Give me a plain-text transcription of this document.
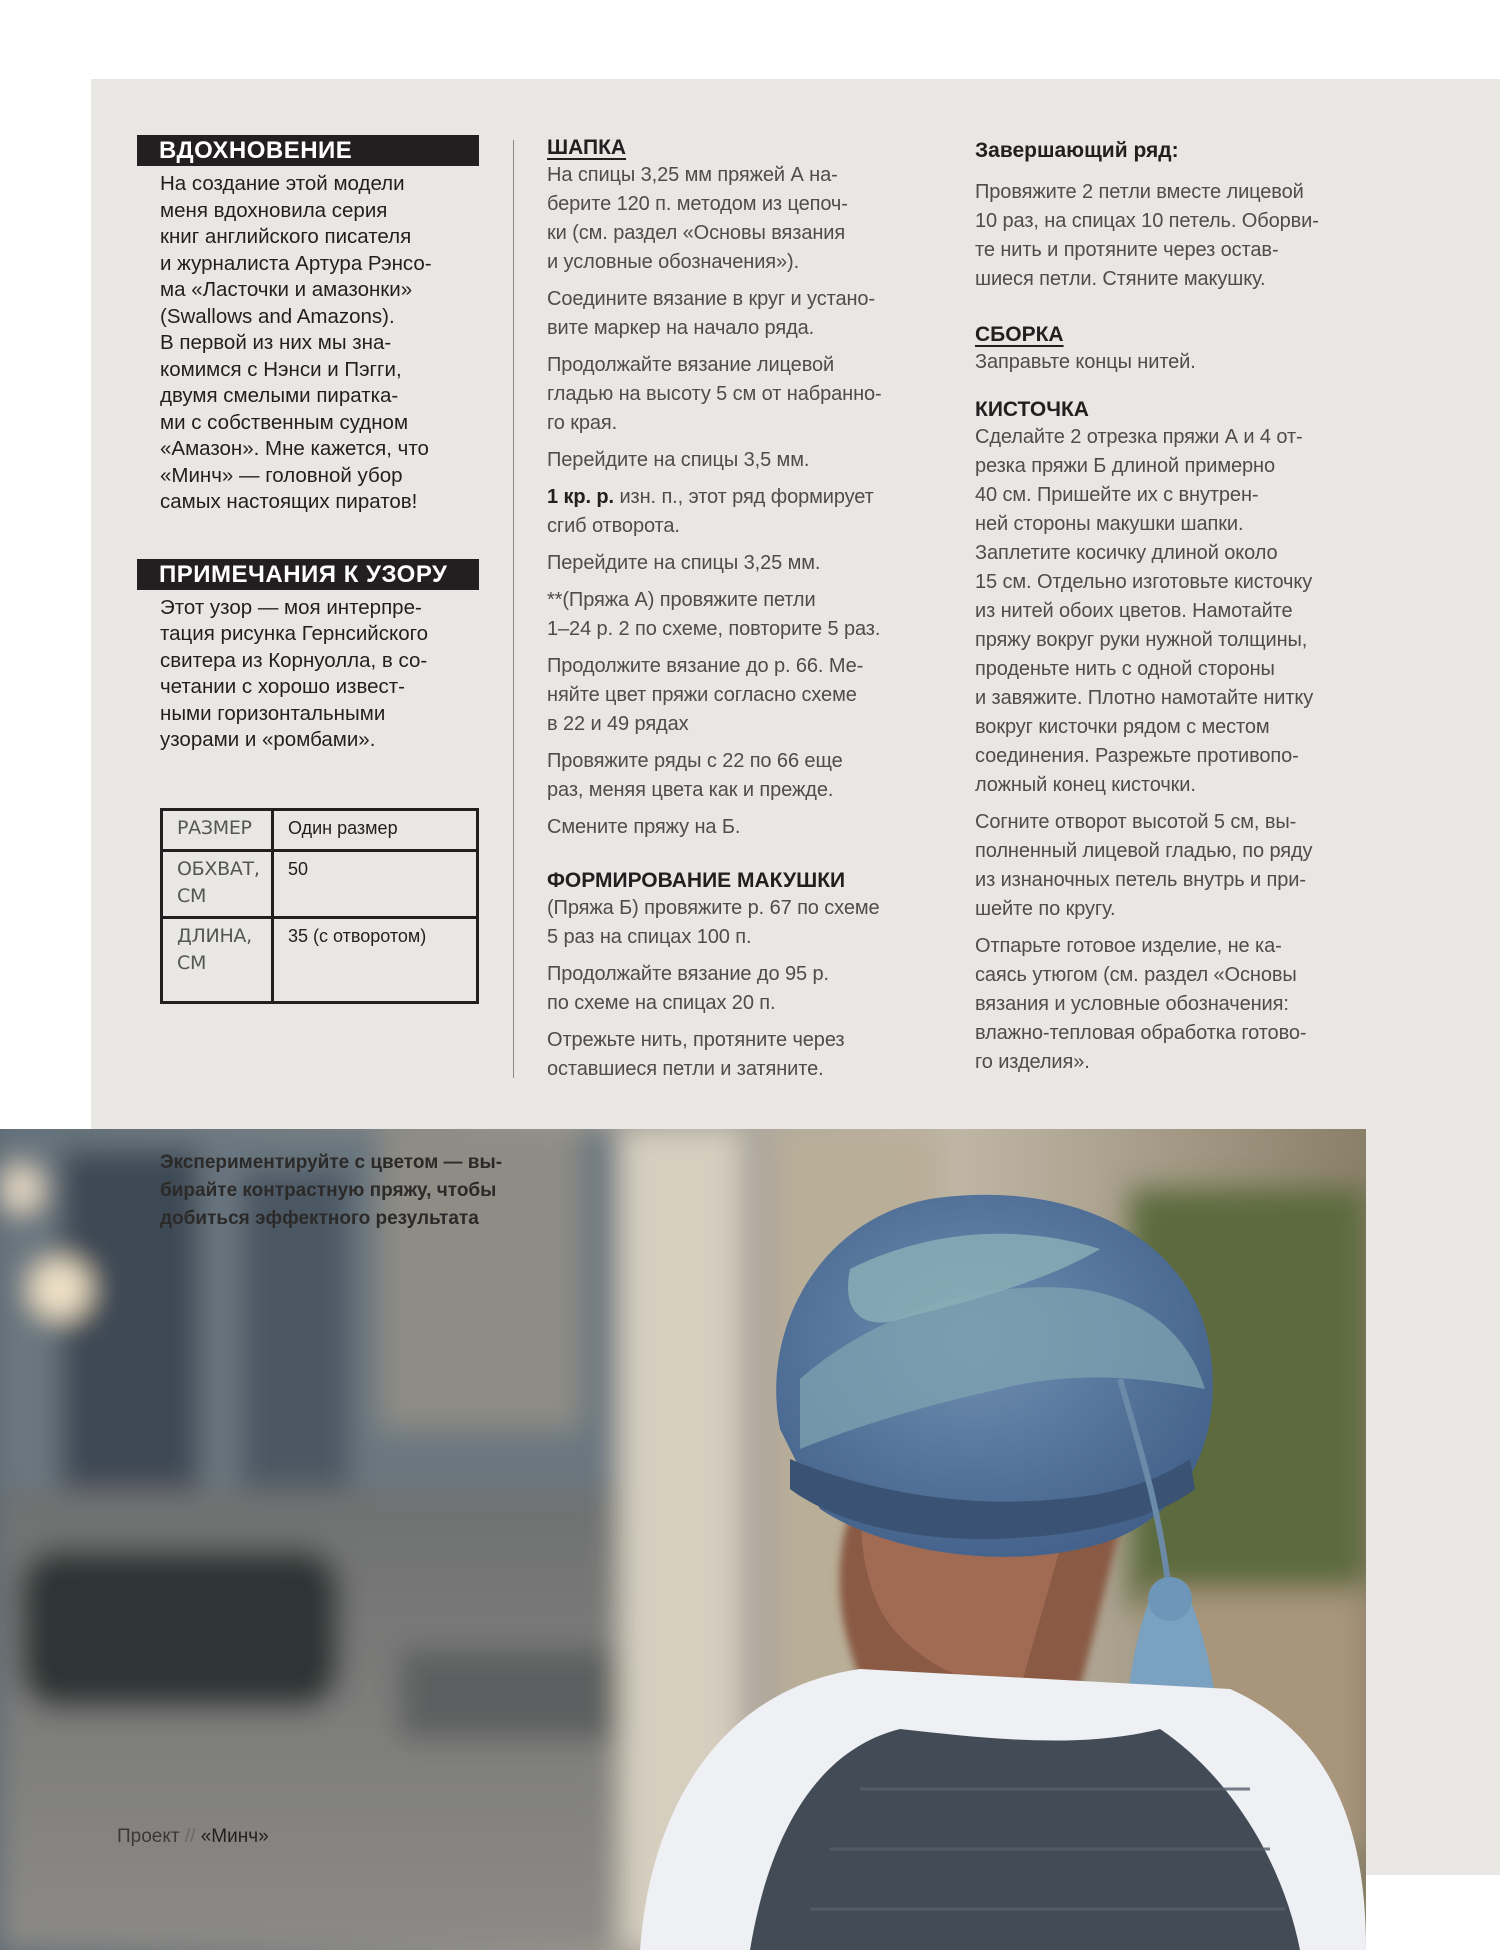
ВДОХНОВЕНИЕ
На создание этой модели
меня вдохновила серия
книг английского писателя
и журналиста Артура Рэнсо-
ма «Ласточки и амазонки»
(Swallows and Amazons).
В первой из них мы зна-
комимся с Нэнси и Пэгги,
двумя смелыми пиратка-
ми с собственным судном
«Амазон». Мне кажется, что
«Минч» — головной убор
самых настоящих пиратов!
ПРИМЕЧАНИЯ К УЗОРУ
Этот узор — моя интерпре-
тация рисунка Гернсийского
свитера из Корнуолла, в со-
четании с хорошо извест-
ными горизонтальными
узорами и «ромбами».
РАЗМЕР	Один размер
ОБХВАТ,
СМ	50
ДЛИНА,
СМ	35 (с отворотом)
ШАПКА

На спицы 3,25 мм пряжей А на-
берите 120 п. методом из цепоч-
ки (см. раздел «Основы вязания
и условные обозначения»).

Соедините вязание в круг и устано-
вите маркер на начало ряда.

Продолжайте вязание лицевой
гладью на высоту 5 см от набранно-
го края.

Перейдите на спицы 3,5 мм.

1 кр. р. изн. п., этот ряд формирует
сгиб отворота.

Перейдите на спицы 3,25 мм.

**(Пряжа А) провяжите петли
1–24 р. 2 по схеме, повторите 5 раз.

Продолжите вязание до р. 66. Ме-
няйте цвет пряжи согласно схеме
в 22 и 49 рядах

Провяжите ряды с 22 по 66 еще
раз, меняя цвета как и прежде.

Смените пряжу на Б.

ФОРМИРОВАНИЕ МАКУШКИ

(Пряжа Б) провяжите р. 67 по схеме
5 раз на спицах 100 п.

Продолжайте вязание до 95 р.
по схеме на спицах 20 п.

Отрежьте нить, протяните через
оставшиеся петли и затяните.

Завершающий ряд:

Провяжите 2 петли вместе лицевой
10 раз, на спицах 10 петель. Оборви-
те нить и протяните через остав-
шиеся петли. Стяните макушку.

СБОРКА

Заправьте концы нитей.

КИСТОЧКА

Сделайте 2 отрезка пряжи А и 4 от-
резка пряжи Б длиной примерно
40 см. Пришейте их с внутрен-
ней стороны макушки шапки.
Заплетите косичку длиной около
15 см. Отдельно изготовьте кисточку
из нитей обоих цветов. Намотайте
пряжу вокруг руки нужной толщины,
проденьте нить с одной стороны
и завяжите. Плотно намотайте нитку
вокруг кисточки рядом с местом
соединения. Разрежьте противопо-
ложный конец кисточки.

Согните отворот высотой 5 см, вы-
полненный лицевой гладью, по ряду
из изнаночных петель внутрь и при-
шейте по кругу.

Отпарьте готовое изделие, не ка-
саясь утюгом (см. раздел «Основы
вязания и условные обозначения:
влажно-тепловая обработка готово-
го изделия».

Экспериментируйте с цветом — вы-
бирайте контрастную пряжу, чтобы
добиться эффектного результата
Проект // «Минч»
